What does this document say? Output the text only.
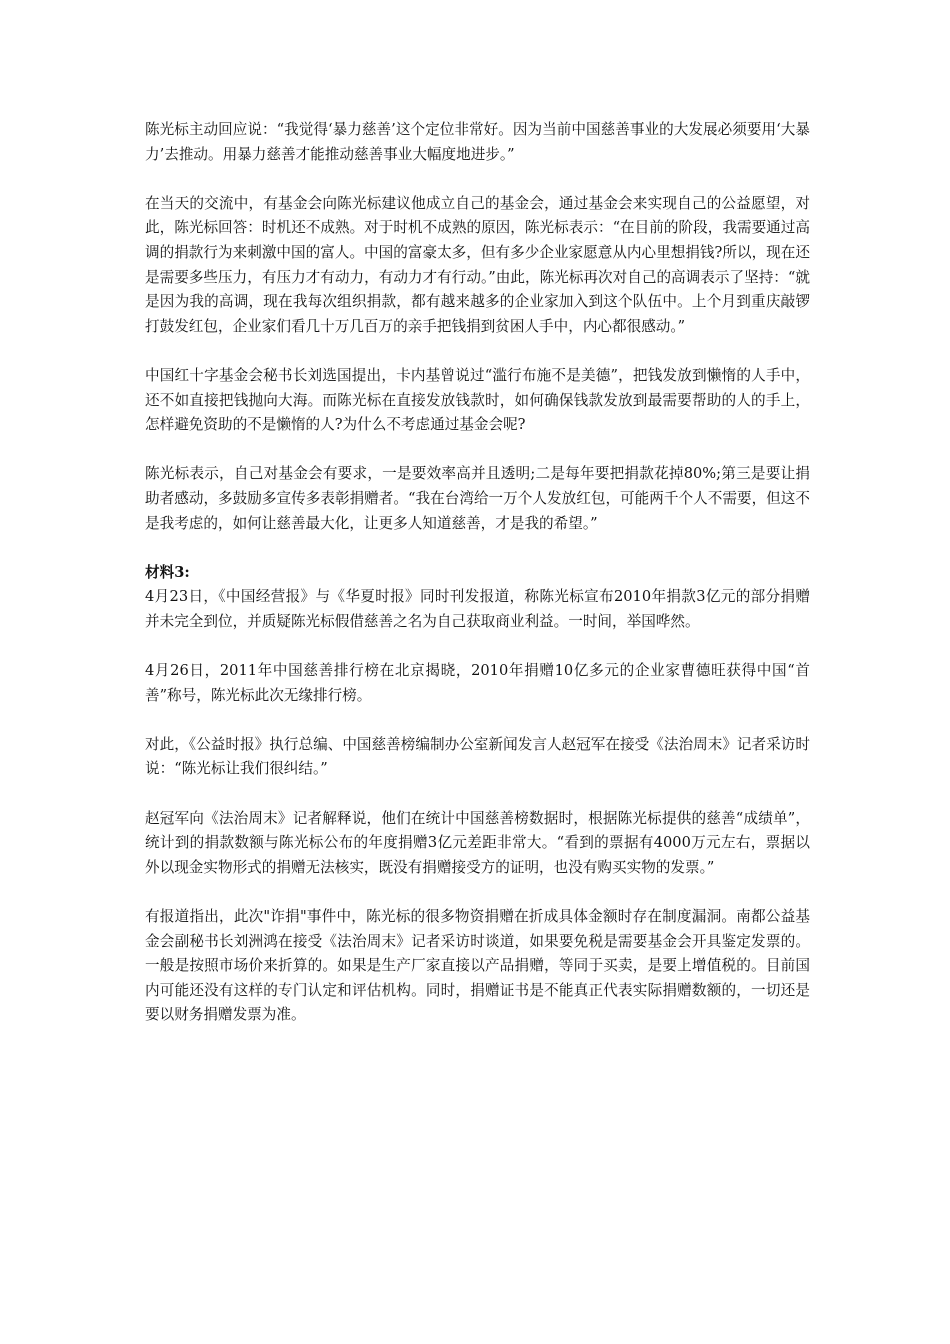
陈光标主动回应说：“我觉得‘暴力慈善’这个定位非常好。因为当前中国慈善事业的大发展必须要用‘大暴力’去推动。用暴力慈善才能推动慈善事业大幅度地进步。”

在当天的交流中，有基金会向陈光标建议他成立自己的基金会，通过基金会来实现自己的公益愿望，对此，陈光标回答：时机还不成熟。对于时机不成熟的原因，陈光标表示：“在目前的阶段，我需要通过高调的捐款行为来刺激中国的富人。中国的富豪太多，但有多少企业家愿意从内心里想捐钱?所以，现在还是需要多些压力，有压力才有动力，有动力才有行动。”由此，陈光标再次对自己的高调表示了坚持：“就是因为我的高调，现在我每次组织捐款，都有越来越多的企业家加入到这个队伍中。上个月到重庆敲锣打鼓发红包，企业家们看几十万几百万的亲手把钱捐到贫困人手中，内心都很感动。”

中国红十字基金会秘书长刘选国提出，卡内基曾说过“滥行布施不是美德”，把钱发放到懒惰的人手中，还不如直接把钱抛向大海。而陈光标在直接发放钱款时，如何确保钱款发放到最需要帮助的人的手上，怎样避免资助的不是懒惰的人?为什么不考虑通过基金会呢?

陈光标表示，自己对基金会有要求，一是要效率高并且透明;二是每年要把捐款花掉80%;第三是要让捐助者感动，多鼓励多宣传多表彰捐赠者。“我在台湾给一万个人发放红包，可能两千个人不需要，但这不是我考虑的，如何让慈善最大化，让更多人知道慈善，才是我的希望。”

材料3:

4月23日，《中国经营报》与《华夏时报》同时刊发报道，称陈光标宣布2010年捐款3亿元的部分捐赠并未完全到位，并质疑陈光标假借慈善之名为自己获取商业利益。一时间，举国哗然。

4月26日，2011年中国慈善排行榜在北京揭晓，2010年捐赠10亿多元的企业家曹德旺获得中国“首善”称号，陈光标此次无缘排行榜。

对此，《公益时报》执行总编、中国慈善榜编制办公室新闻发言人赵冠军在接受《法治周末》记者采访时说：“陈光标让我们很纠结。”

赵冠军向《法治周末》记者解释说，他们在统计中国慈善榜数据时，根据陈光标提供的慈善“成绩单”，统计到的捐款数额与陈光标公布的年度捐赠3亿元差距非常大。“看到的票据有4000万元左右，票据以外以现金实物形式的捐赠无法核实，既没有捐赠接受方的证明，也没有购买实物的发票。”

有报道指出，此次"诈捐"事件中，陈光标的很多物资捐赠在折成具体金额时存在制度漏洞。南都公益基金会副秘书长刘洲鸿在接受《法治周末》记者采访时谈道，如果要免税是需要基金会开具鉴定发票的。一般是按照市场价来折算的。如果是生产厂家直接以产品捐赠，等同于买卖，是要上增值税的。目前国内可能还没有这样的专门认定和评估机构。同时，捐赠证书是不能真正代表实际捐赠数额的，一切还是要以财务捐赠发票为准。
